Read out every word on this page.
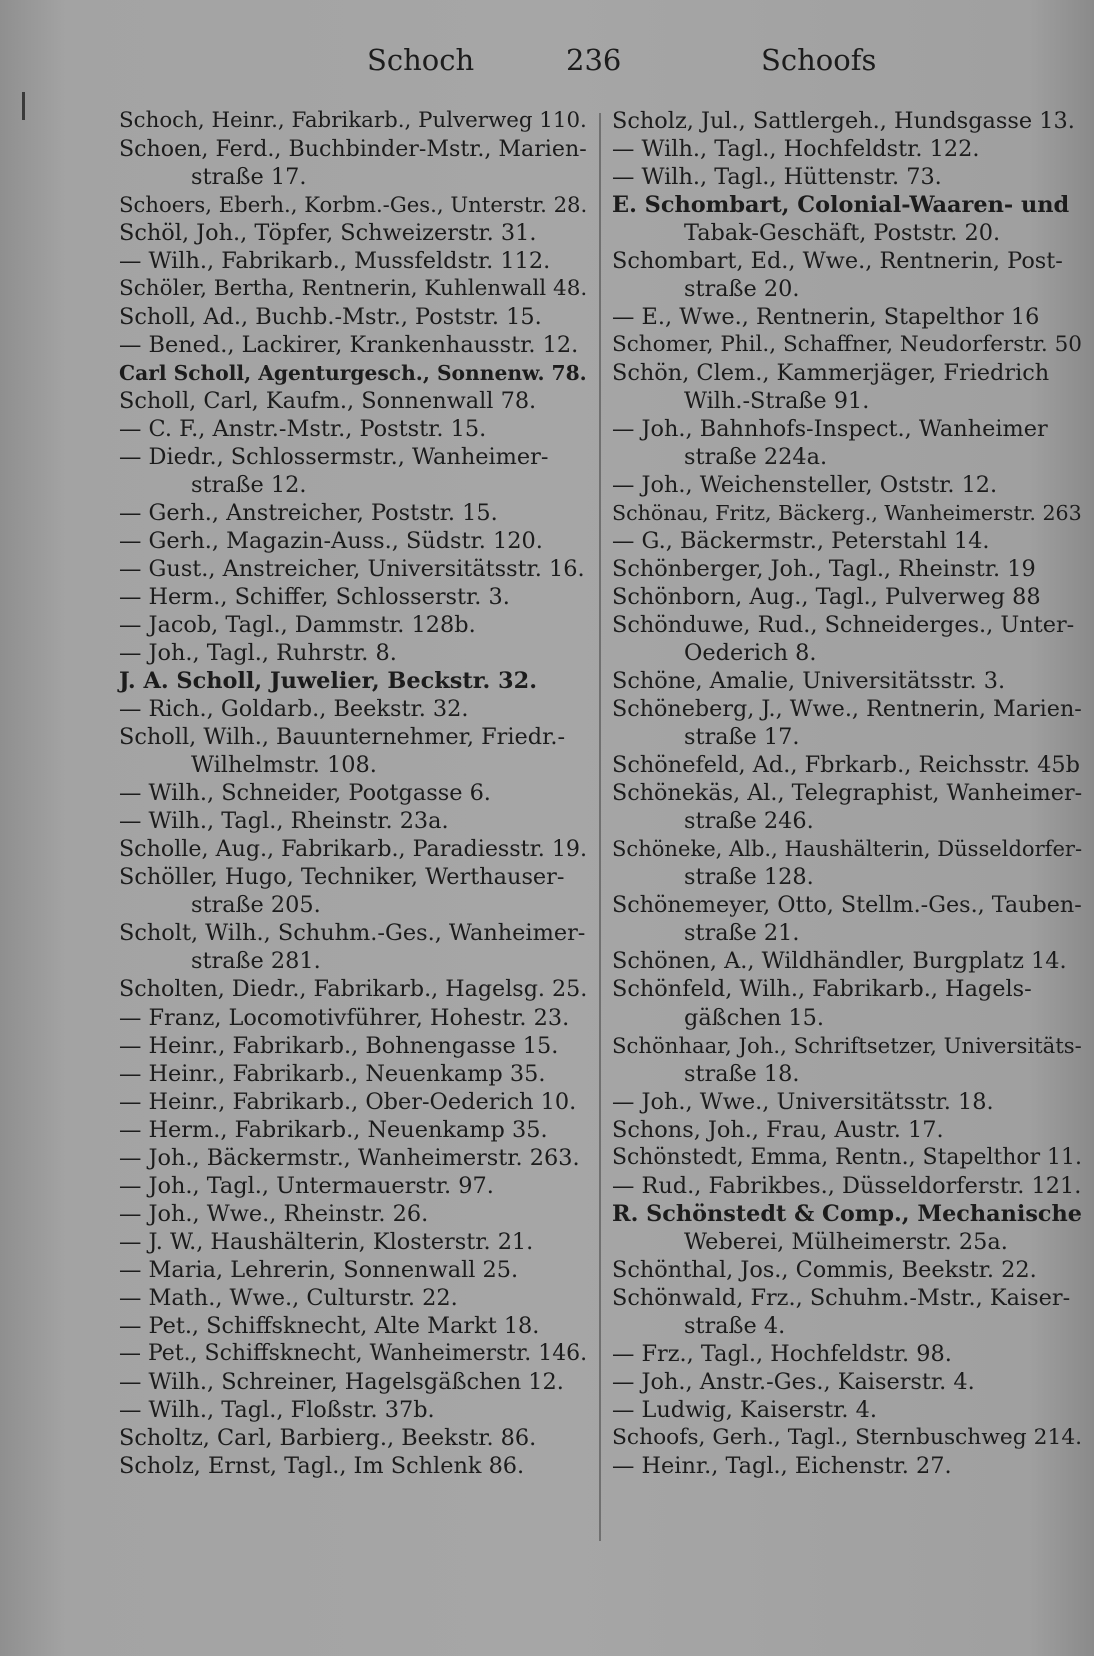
Schoch	236	Schoofs
Schoch, Heinr., Fabrikarb., Pulverweg 110.
Schoen, Ferd., Buchbinder-Mstr., Marien-
straße 17.
Schoers, Eberh., Korbm.-Ges., Unterstr. 28.
Schöl, Joh., Töpfer, Schweizerstr. 31.
— Wilh., Fabrikarb., Mussfeldstr. 112.
Schöler, Bertha, Rentnerin, Kuhlenwall 48.
Scholl, Ad., Buchb.-Mstr., Poststr. 15.
— Bened., Lackirer, Krankenhausstr. 12.
Carl Scholl, Agenturgesch., Sonnenw. 78.
Scholl, Carl, Kaufm., Sonnenwall 78.
— C. F., Anstr.-Mstr., Poststr. 15.
— Diedr., Schlossermstr., Wanheimer-
straße 12.
— Gerh., Anstreicher, Poststr. 15.
— Gerh., Magazin-Auss., Südstr. 120.
— Gust., Anstreicher, Universitätsstr. 16.
— Herm., Schiffer, Schlosserstr. 3.
— Jacob, Tagl., Dammstr. 128b.
— Joh., Tagl., Ruhrstr. 8.
J. A. Scholl, Juwelier, Beckstr. 32.
— Rich., Goldarb., Beekstr. 32.
Scholl, Wilh., Bauunternehmer, Friedr.-
Wilhelmstr. 108.
— Wilh., Schneider, Pootgasse 6.
— Wilh., Tagl., Rheinstr. 23a.
Scholle, Aug., Fabrikarb., Paradiesstr. 19.
Schöller, Hugo, Techniker, Werthauser-
straße 205.
Scholt, Wilh., Schuhm.-Ges., Wanheimer-
straße 281.
Scholten, Diedr., Fabrikarb., Hagelsg. 25.
— Franz, Locomotivführer, Hohestr. 23.
— Heinr., Fabrikarb., Bohnengasse 15.
— Heinr., Fabrikarb., Neuenkamp 35.
— Heinr., Fabrikarb., Ober-Oederich 10.
— Herm., Fabrikarb., Neuenkamp 35.
— Joh., Bäckermstr., Wanheimerstr. 263.
— Joh., Tagl., Untermauerstr. 97.
— Joh., Wwe., Rheinstr. 26.
— J. W., Haushälterin, Klosterstr. 21.
— Maria, Lehrerin, Sonnenwall 25.
— Math., Wwe., Culturstr. 22.
— Pet., Schiffsknecht, Alte Markt 18.
— Pet., Schiffsknecht, Wanheimerstr. 146.
— Wilh., Schreiner, Hagelsgäßchen 12.
— Wilh., Tagl., Floßstr. 37b.
Scholtz, Carl, Barbierg., Beekstr. 86.
Scholz, Ernst, Tagl., Im Schlenk 86.
Scholz, Jul., Sattlergeh., Hundsgasse 13.
— Wilh., Tagl., Hochfeldstr. 122.
— Wilh., Tagl., Hüttenstr. 73.
E. Schombart, Colonial-Waaren- und
Tabak-Geschäft, Poststr. 20.
Schombart, Ed., Wwe., Rentnerin, Post-
straße 20.
— E., Wwe., Rentnerin, Stapelthor 16
Schomer, Phil., Schaffner, Neudorferstr. 50
Schön, Clem., Kammerjäger, Friedrich
Wilh.-Straße 91.
— Joh., Bahnhofs-Inspect., Wanheimer
straße 224a.
— Joh., Weichensteller, Oststr. 12.
Schönau, Fritz, Bäckerg., Wanheimerstr. 263
— G., Bäckermstr., Peterstahl 14.
Schönberger, Joh., Tagl., Rheinstr. 19
Schönborn, Aug., Tagl., Pulverweg 88
Schönduwe, Rud., Schneiderges., Unter-
Oederich 8.
Schöne, Amalie, Universitätsstr. 3.
Schöneberg, J., Wwe., Rentnerin, Marien-
straße 17.
Schönefeld, Ad., Fbrkarb., Reichsstr. 45b
Schönekäs, Al., Telegraphist, Wanheimer-
straße 246.
Schöneke, Alb., Haushälterin, Düsseldorfer-
straße 128.
Schönemeyer, Otto, Stellm.-Ges., Tauben-
straße 21.
Schönen, A., Wildhändler, Burgplatz 14.
Schönfeld, Wilh., Fabrikarb., Hagels-
gäßchen 15.
Schönhaar, Joh., Schriftsetzer, Universitäts-
straße 18.
— Joh., Wwe., Universitätsstr. 18.
Schons, Joh., Frau, Austr. 17.
Schönstedt, Emma, Rentn., Stapelthor 11.
— Rud., Fabrikbes., Düsseldorferstr. 121.
R. Schönstedt & Comp., Mechanische
Weberei, Mülheimerstr. 25a.
Schönthal, Jos., Commis, Beekstr. 22.
Schönwald, Frz., Schuhm.-Mstr., Kaiser-
straße 4.
— Frz., Tagl., Hochfeldstr. 98.
— Joh., Anstr.-Ges., Kaiserstr. 4.
— Ludwig, Kaiserstr. 4.
Schoofs, Gerh., Tagl., Sternbuschweg 214.
— Heinr., Tagl., Eichenstr. 27.
